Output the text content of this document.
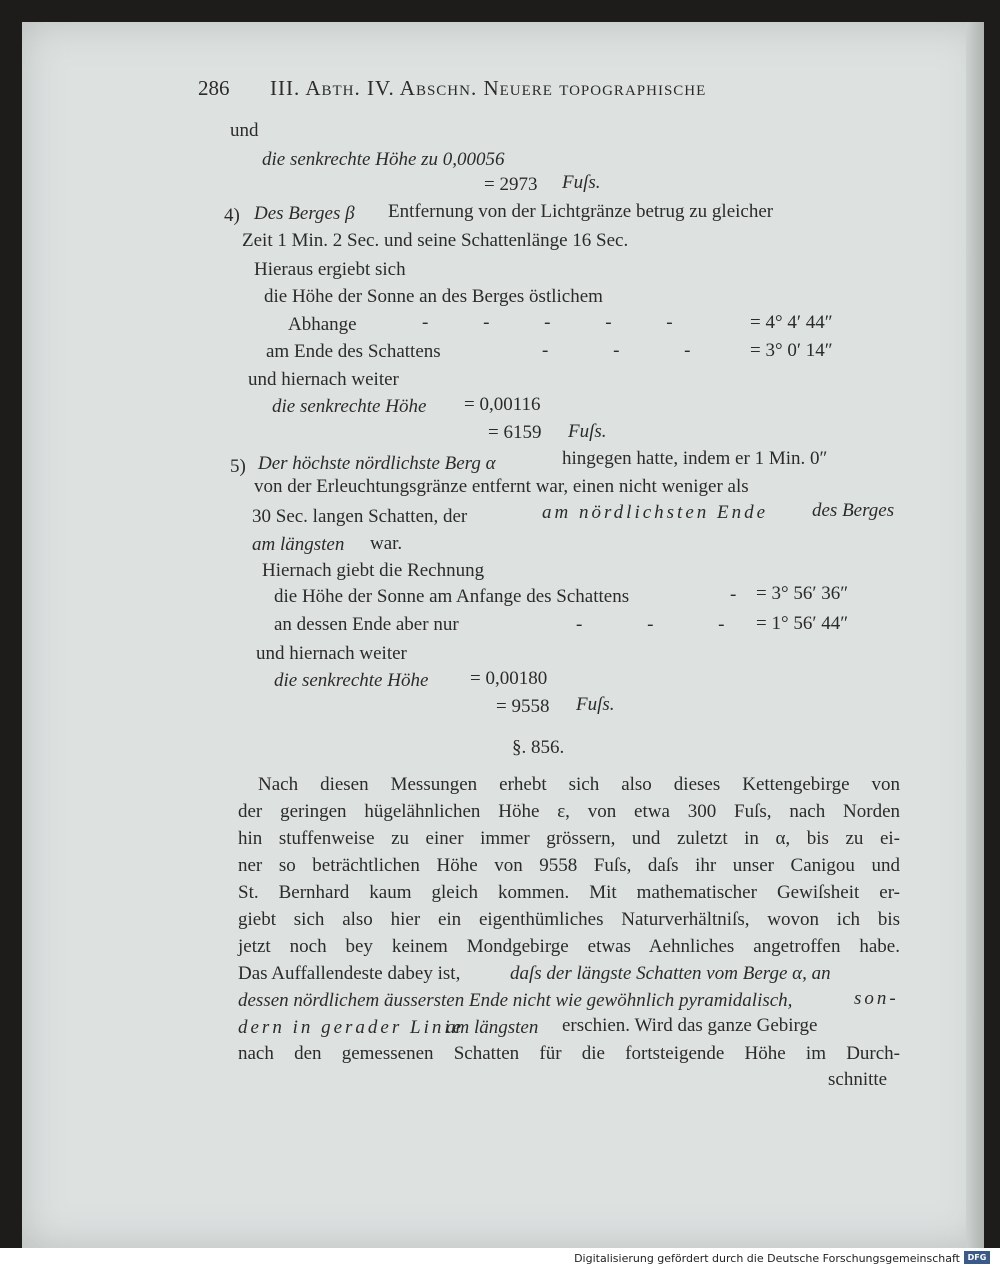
286 III. Abth. IV. Abschn. Neuere topographische
und
die senkrechte Höhe zu 0,00056
= 2973 Fuſs.
4) Des Berges β Entfernung von der Lichtgränze betrug zu gleicher
Zeit 1 Min. 2 Sec. und seine Schattenlänge 16 Sec.
Hieraus ergiebt sich
die Höhe der Sonne an des Berges östlichem
Abhange	- - - - -	= 4° 4′ 44″
am Ende des Schattens	- - -	= 3° 0′ 14″
und hiernach weiter
die senkrechte Höhe = 0,00116
= 6159 Fuſs.
5) Der höchste nördlichste Berg α	hingegen hatte, indem er 1 Min. 0″
von der Erleuchtungsgränze entfernt war, einen nicht weniger als
30 Sec. langen Schatten, der	am nördlichsten Ende des Berges
am längsten war.
Hiernach giebt die Rechnung
die Höhe der Sonne am Anfange des Schattens	- = 3° 56′ 36″
an dessen Ende aber nur	- - - = 1° 56′ 44″
und hiernach weiter
die senkrechte Höhe = 0,00180
= 9558 Fuſs.
§. 856.
Nach diesen Messungen erhebt sich also dieses Kettengebirge von
der geringen hügelähnlichen Höhe ε, von etwa 300 Fuſs, nach Norden
hin stuffenweise zu einer immer grössern, und zuletzt in α, bis zu ei-
ner so beträchtlichen Höhe von 9558 Fuſs, daſs ihr unser Canigou und
St. Bernhard kaum gleich kommen. Mit mathematischer Gewiſsheit er-
giebt sich also hier ein eigenthümliches Naturverhältniſs, wovon ich bis
jetzt noch bey keinem Mondgebirge etwas Aehnliches angetroffen habe.
Das Auffallendeste dabey ist,	daſs der längste Schatten vom Berge α, an
dessen nördlichem äussersten Ende nicht wie gewöhnlich pyramidalisch,	son-
dern in gerader Linie
am längsten erschien. Wird das ganze Gebirge
nach den gemessenen Schatten für die fortsteigende Höhe im Durch-
schnitte
Digitalisierung gefördert durch die Deutsche Forschungsgemeinschaft DFG
